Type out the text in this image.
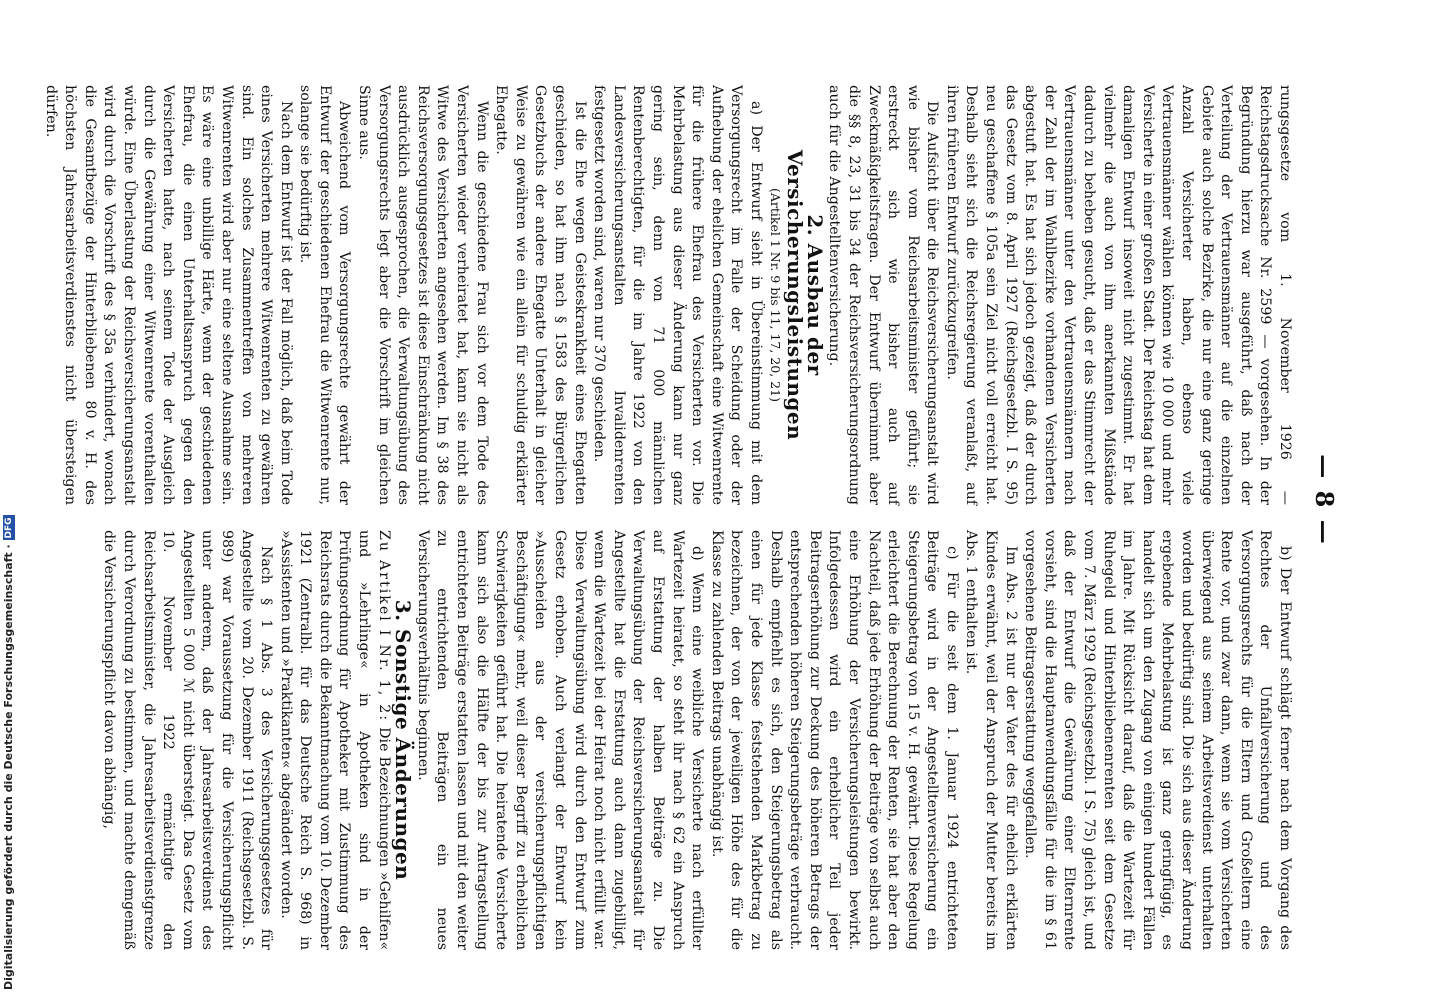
Digitalisierung gefördert durch die Deutsche Forschungsgemeinschaft · DFG	— 8 —

rungsgesetze vom 1. November 1926 — Reichstagsdrucksache Nr. 2599 — vorgesehen. In der Begründung hierzu war ausgeführt, daß nach der Verteilung der Vertrauensmänner auf die einzelnen Gebiete auch solche Bezirke, die nur eine ganz geringe Anzahl Versicherter haben, ebenso viele Vertrauensmänner wählen können wie 10 000 und mehr Versicherte in einer großen Stadt. Der Reichstag hat dem damaligen Entwurf insoweit nicht zugestimmt. Er hat vielmehr die auch von ihm anerkannten Mißstände dadurch zu beheben gesucht, daß er das Stimmrecht der Vertrauensmänner unter den Vertrauensmännern nach der Zahl der im Wahlbezirke vorhandenen Versicherten abgestuft hat. Es hat sich jedoch gezeigt, daß der durch das Gesetz vom 8. April 1927 (Reichsgesetzbl. I S. 95) neu geschaffene § 105a sein Ziel nicht voll erreicht hat. Deshalb sieht sich die Reichsregierung veranlaßt, auf ihren früheren Entwurf zurückzugreifen.

Die Aufsicht über die Reichsversicherungsanstalt wird wie bisher vom Reichsarbeitsminister geführt; sie erstreckt sich wie bisher auch auf Zweckmäßigkeitsfragen. Der Entwurf übernimmt aber die §§ 8, 23, 31 bis 34 der Reichsversicherungsordnung auch für die Angestelltenversicherung.

2. Ausbau der Versicherungsleistungen

(Artikel 1 Nr. 9 bis 11, 17, 20, 21)

a) Der Entwurf sieht in Übereinstimmung mit dem Versorgungsrecht im Falle der Scheidung oder der Aufhebung der ehelichen Gemeinschaft eine Witwenrente für die frühere Ehefrau des Versicherten vor. Die Mehrbelastung aus dieser Änderung kann nur ganz gering sein, denn von 71 000 männlichen Rentenberechtigten, für die im Jahre 1922 von den Landesversicherungsanstalten Invalidenrenten festgesetzt worden sind, waren nur 370 geschieden.

Ist die Ehe wegen Geisteskrankheit eines Ehegatten geschieden, so hat ihm nach § 1583 des Bürgerlichen Gesetzbuchs der andere Ehegatte Unterhalt in gleicher Weise zu gewähren wie ein allein für schuldig erklärter Ehegatte.

Wenn die geschiedene Frau sich vor dem Tode des Versicherten wieder verheiratet hat, kann sie nicht als Witwe des Versicherten angesehen werden. Im § 38 des Reichsversorgungsgesetzes ist diese Einschränkung nicht ausdrücklich ausgesprochen, die Verwaltungsübung des Versorgungsrechts legt aber die Vorschrift im gleichen Sinne aus.

Abweichend vom Versorgungsrechte gewährt der Entwurf der geschiedenen Ehefrau die Witwenrente nur, solange sie bedürftig ist.

Nach dem Entwurf ist der Fall möglich, daß beim Tode eines Versicherten mehrere Witwenrenten zu gewähren sind. Ein solches Zusammentreffen von mehreren Witwenrenten wird aber nur eine seltene Ausnahme sein. Es wäre eine unbillige Härte, wenn der geschiedenen Ehefrau, die einen Unterhaltsanspruch gegen den Versicherten hatte, nach seinem Tode der Ausgleich durch die Gewährung einer Witwenrente vorenthalten würde. Eine Überlastung der Reichsversicherungsanstalt wird durch die Vorschrift des § 35a verhindert, wonach die Gesamtbezüge der Hinterbliebenen 80 v. H. des höchsten Jahresarbeitsverdienstes nicht übersteigen dürfen.

b) Der Entwurf schlägt ferner nach dem Vorgang des Rechtes der Unfallversicherung und des Versorgungsrechts für die Eltern und Großeltern eine Rente vor, und zwar dann, wenn sie vom Versicherten überwiegend aus seinem Arbeitsverdienst unterhalten worden und bedürftig sind. Die sich aus dieser Änderung ergebende Mehrbelastung ist ganz geringfügig, es handelt sich um den Zugang von einigen hundert Fällen im Jahre. Mit Rücksicht darauf, daß die Wartezeit für Ruhegeld und Hinterbliebenenrenten seit dem Gesetze vom 7. März 1929 (Reichsgesetzbl. I S. 75) gleich ist, und daß der Entwurf die Gewährung einer Elternrente vorsieht, sind die Hauptanwendungsfälle für die im § 61 vorgesehene Beitragserstattung weggefallen.

Im Abs. 2 ist nur der Vater des für ehelich erklärten Kindes erwähnt, weil der Anspruch der Mutter bereits im Abs. 1 enthalten ist.

c) Für die seit dem 1. Januar 1924 entrichteten Beiträge wird in der Angestelltenversicherung ein Steigerungsbetrag von 15 v. H. gewährt. Diese Regelung erleichtert die Berechnung der Renten, sie hat aber den Nachteil, daß jede Erhöhung der Beiträge von selbst auch eine Erhöhung der Versicherungsleistungen bewirkt. Infolgedessen wird ein erheblicher Teil jeder Beitragserhöhung zur Deckung des höheren Betrags der entsprechenden höheren Steigerungsbeträge verbraucht. Deshalb empfiehlt es sich, den Steigerungsbetrag als einen für jede Klasse feststehenden Markbetrag zu bezeichnen, der von der jeweiligen Höhe des für die Klasse zu zahlenden Beitrags unabhängig ist.

d) Wenn eine weibliche Versicherte nach erfüllter Wartezeit heiratet, so steht ihr nach § 62 ein Anspruch auf Erstattung der halben Beiträge zu. Die Verwaltungsübung der Reichsversicherungsanstalt für Angestellte hat die Erstattung auch dann zugebilligt, wenn die Wartezeit bei der Heirat noch nicht erfüllt war. Diese Verwaltungsübung wird durch den Entwurf zum Gesetz erhoben. Auch verlangt der Entwurf kein »Ausscheiden aus der versicherungspflichtigen Beschäftigung« mehr, weil dieser Begriff zu erheblichen Schwierigkeiten geführt hat. Die heiratende Versicherte kann sich also die Hälfte der bis zur Antragstellung entrichteten Beiträge erstatten lassen und mit den weiter zu entrichtenden Beiträgen ein neues Versicherungsverhältnis beginnen.

3. Sonstige Änderungen

Zu Artikel I Nr. 1, 2: Die Bezeichnungen »Gehilfen« und »Lehrlinge« in Apotheken sind in der Prüfungsordnung für Apotheker mit Zustimmung des Reichsrats durch die Bekanntmachung vom 10. Dezember 1921 (Zentralbl. für das Deutsche Reich S. 968) in »Assistenten und »Praktikanten« abgeändert worden.

Nach § 1 Abs. 3 des Versicherungsgesetzes für Angestellte vom 20. Dezember 1911 (Reichsgesetzbl. S. 989) war Voraussetzung für die Versicherungspflicht unter anderem, daß der Jahresarbeitsverdienst des Angestellten 5 000 ℳ nicht übersteigt. Das Gesetz vom 10. November 1922 ermächtigte den Reichsarbeitsminister, die Jahresarbeitsverdienstgrenze durch Verordnung zu bestimmen, und machte demgemäß die Versicherungspflicht davon abhängig,
